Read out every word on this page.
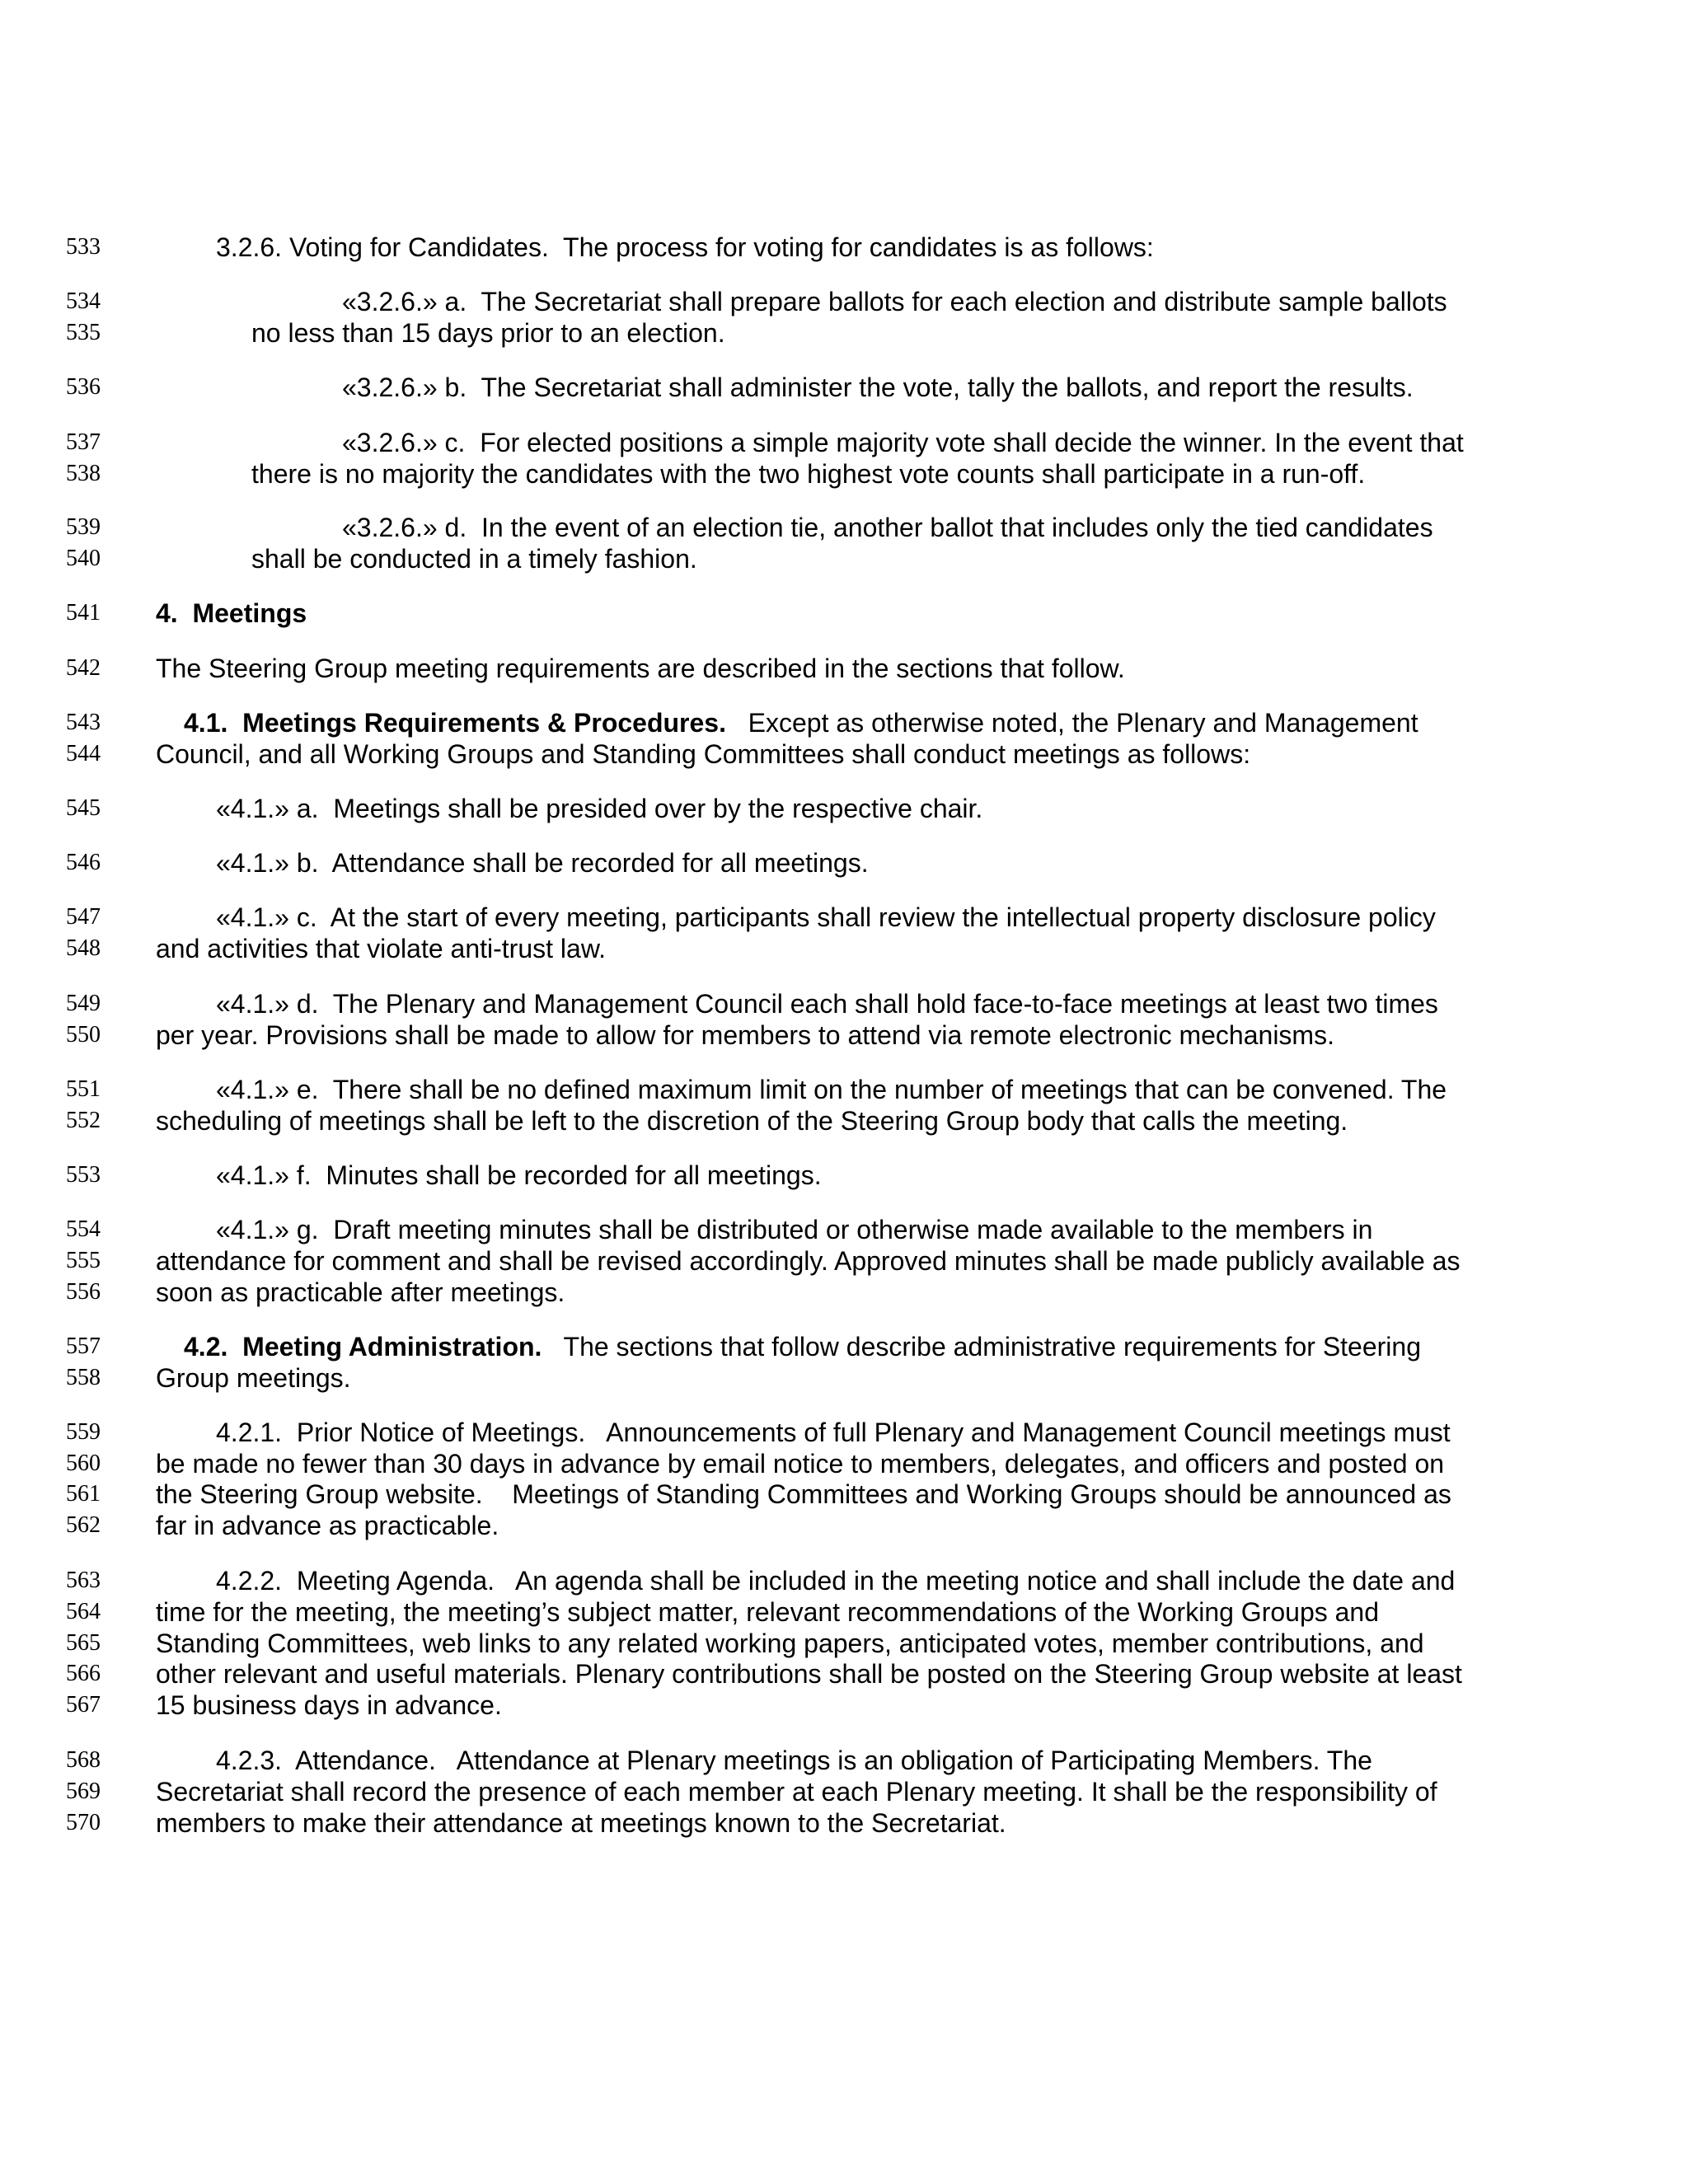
533	3.2.6. Voting for Candidates.  The process for voting for candidates is as follows:
534	«3.2.6.» a.  The Secretariat shall prepare ballots for each election and distribute sample ballots
535	no less than 15 days prior to an election.
536	«3.2.6.» b.  The Secretariat shall administer the vote, tally the ballots, and report the results.
537	«3.2.6.» c.  For elected positions a simple majority vote shall decide the winner. In the event that
538	there is no majority the candidates with the two highest vote counts shall participate in a run-off.
539	«3.2.6.» d.  In the event of an election tie, another ballot that includes only the tied candidates
540	shall be conducted in a timely fashion.
541	4.  Meetings
542	The Steering Group meeting requirements are described in the sections that follow.
543	4.1.  Meetings Requirements & Procedures.   Except as otherwise noted, the Plenary and Management
544	Council, and all Working Groups and Standing Committees shall conduct meetings as follows:
545	«4.1.» a.  Meetings shall be presided over by the respective chair.
546	«4.1.» b.  Attendance shall be recorded for all meetings.
547	«4.1.» c.  At the start of every meeting, participants shall review the intellectual property disclosure policy
548	and activities that violate anti-trust law.
549	«4.1.» d.  The Plenary and Management Council each shall hold face-to-face meetings at least two times
550	per year. Provisions shall be made to allow for members to attend via remote electronic mechanisms.
551	«4.1.» e.  There shall be no defined maximum limit on the number of meetings that can be convened. The
552	scheduling of meetings shall be left to the discretion of the Steering Group body that calls the meeting.
553	«4.1.» f.  Minutes shall be recorded for all meetings.
554	«4.1.» g.  Draft meeting minutes shall be distributed or otherwise made available to the members in
555	attendance for comment and shall be revised accordingly. Approved minutes shall be made publicly available as
556	soon as practicable after meetings.
557	4.2.  Meeting Administration.   The sections that follow describe administrative requirements for Steering
558	Group meetings.
559	4.2.1.  Prior Notice of Meetings.   Announcements of full Plenary and Management Council meetings must
560	be made no fewer than 30 days in advance by email notice to members, delegates, and officers and posted on
561	the Steering Group website.    Meetings of Standing Committees and Working Groups should be announced as
562	far in advance as practicable.
563	4.2.2.  Meeting Agenda.   An agenda shall be included in the meeting notice and shall include the date and
564	time for the meeting, the meeting’s subject matter, relevant recommendations of the Working Groups and
565	Standing Committees, web links to any related working papers, anticipated votes, member contributions, and
566	other relevant and useful materials. Plenary contributions shall be posted on the Steering Group website at least
567	15 business days in advance.
568	4.2.3.  Attendance.   Attendance at Plenary meetings is an obligation of Participating Members. The
569	Secretariat shall record the presence of each member at each Plenary meeting. It shall be the responsibility of
570	members to make their attendance at meetings known to the Secretariat.
